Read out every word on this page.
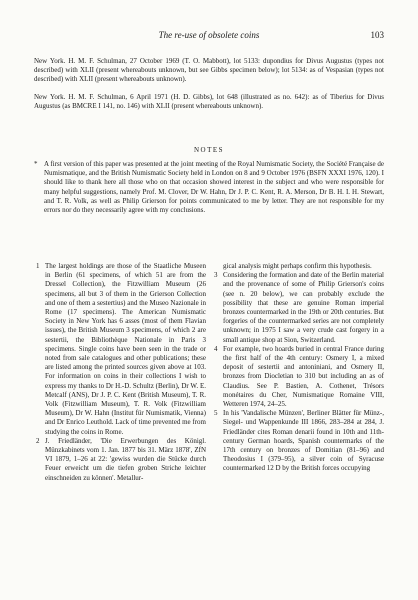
The re-use of obsolete coins	103

New York. H. M. F. Schulman, 27 October 1969 (T. O. Mabbott), lot 5133: dupondius for Divus Augustus (types not described) with XLII (present whereabouts unknown, but see Gibbs specimen below); lot 5134: as of Vespasian (types not described) with XLII (present whereabouts unknown).

New York. H. M. F. Schulman, 6 April 1971 (H. D. Gibbs), lot 648 (illustrated as no. 642): as of Tiberius for Divus Augustus (as BMCRE I 141, no. 146) with XLII (present whereabouts unknown).

NOTES
* A first version of this paper was presented at the joint meeting of the Royal Numismatic Society, the Société Française de Numismatique, and the British Numismatic Society held in London on 8 and 9 October 1976 (BSFN XXXI 1976, 120). I should like to thank here all those who on that occasion showed interest in the subject and who were responsible for many helpful suggestions, namely Prof. M. Clover, Dr W. Hahn, Dr J. P. C. Kent, R. A. Merson, Dr B. H. I. H. Stewart, and T. R. Volk, as well as Philip Grierson for points communicated to me by letter. They are not responsible for my errors nor do they necessarily agree with my conclusions.
1 The largest holdings are those of the Staatliche Museen in Berlin (61 specimens, of which 51 are from the Dressel Collection), the Fitzwilliam Museum (26 specimens, all but 3 of them in the Grierson Collection and one of them a sestertius) and the Museo Nazionale in Rome (17 specimens). The American Numismatic Society in New York has 6 asses (most of them Flavian issues), the British Museum 3 specimens, of which 2 are sestertii, the Bibliothèque Nationale in Paris 3 specimens. Single coins have been seen in the trade or noted from sale catalogues and other publications; these are listed among the printed sources given above at 103. For information on coins in their collections I wish to express my thanks to Dr H.-D. Schultz (Berlin), Dr W. E. Metcalf (ANS), Dr J. P. C. Kent (British Museum), T. R. Volk (Fitzwilliam Museum), T. R. Volk (Fitzwilliam Museum), Dr W. Hahn (Institut für Numismatik, Vienna) and Dr Enrico Leuthold. Lack of time prevented me from studying the coins in Rome.
2 J. Friedländer, 'Die Erwerbungen des Königl. Münzkabinets vom 1. Jan. 1877 bis 31. März 1878', ZfN VI 1879, 1–26 at 22: 'gewiss wurden die Stücke durch Feuer erweicht um die tiefen groben Striche leichter einschneiden zu können'. Metallur-
gical analysis might perhaps confirm this hypothesis.
3 Considering the formation and date of the Berlin material and the provenance of some of Philip Grierson's coins (see n. 20 below), we can probably exclude the possibility that these are genuine Roman imperial bronzes countermarked in the 19th or 20th centuries. But forgeries of the countermarked series are not completely unknown; in 1975 I saw a very crude cast forgery in a small antique shop at Sion, Switzerland.
4 For example, two hoards buried in central France during the first half of the 4th century: Osmery I, a mixed deposit of sestertii and antoniniani, and Osmery II, bronzes from Diocletian to 310 but including an as of Claudius. See P. Bastien, A. Cothenet, Trésors monétaires du Cher, Numismatique Romaine VIII, Wetteren 1974, 24–25.
5 In his 'Vandalische Münzen', Berliner Blätter für Münz-, Siegel- und Wappenkunde III 1866, 283–284 at 284, J. Friedländer cites Roman denarii found in 10th and 11th-century German hoards, Spanish countermarks of the 17th century on bronzes of Domitian (81–96) and Theodosius I (379–95), a silver coin of Syracuse countermarked 12 D by the British forces occupying
